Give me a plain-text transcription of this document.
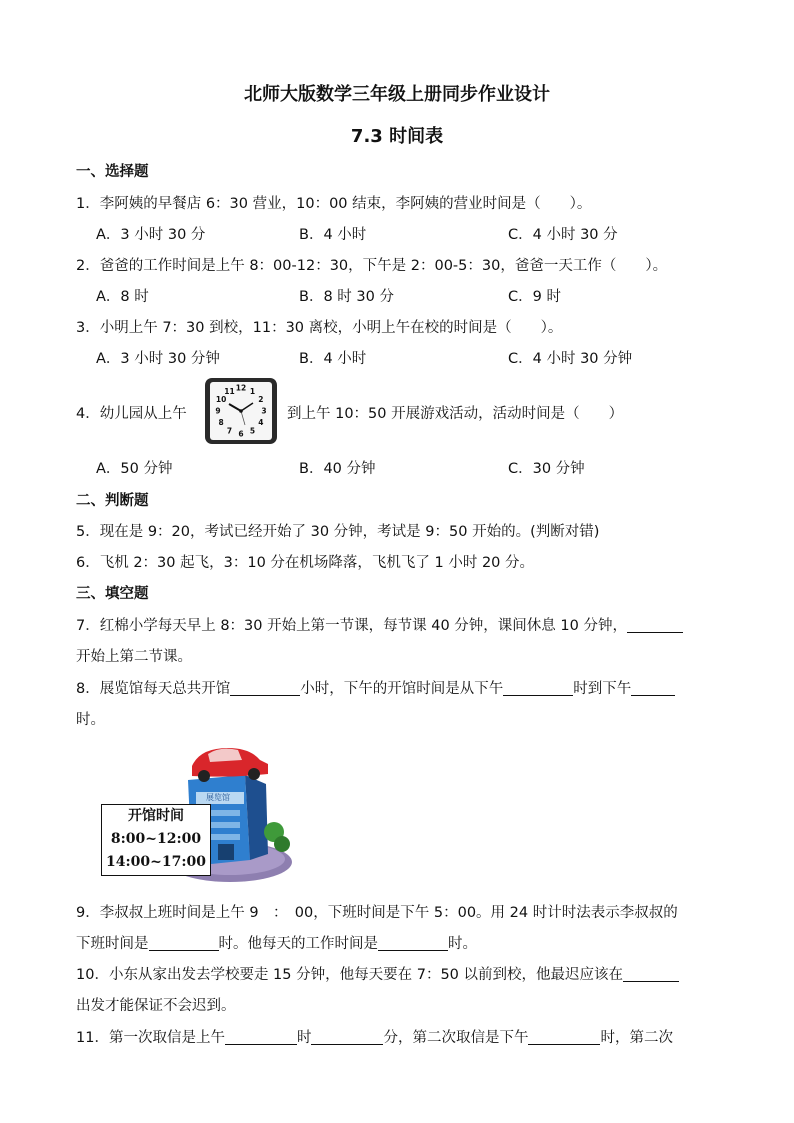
北师大版数学三年级上册同步作业设计
7.3 时间表
一、选择题
1．李阿姨的早餐店 6：30 营业，10：00 结束，李阿姨的营业时间是（　　）。
A．3 小时 30 分	B．4 小时	C．4 小时 30 分
2．爸爸的工作时间是上午 8：00-12：30，下午是 2：00-5：30，爸爸一天工作（　　）。
A．8 时	B．8 时 30 分	C．9 时
3．小明上午 7：30 到校，11：30 离校，小明上午在校的时间是（　　）。
A．3 小时 30 分钟	B．4 小时	C．4 小时 30 分钟
4．幼儿园从上午
12 1
2
3
4
5
6
7
8
9
10
11
到上午 10：50 开展游戏活动，活动时间是（　　）
A．50 分钟	B．40 分钟	C．30 分钟
二、判断题
5．现在是 9：20，考试已经开始了 30 分钟，考试是 9：50 开始的。(判断对错)
6．飞机 2：30 起飞，3：10 分在机场降落，飞机飞了 1 小时 20 分。
三、填空题
7．红棉小学每天早上 8：30 开始上第一节课，每节课 40 分钟，课间休息 10 分钟，
开始上第二节课。
8．展览馆每天总共开馆	小时，下午的开馆时间是从下午	时到下午
时。
展览馆
开馆时间
8:00~12:00
14:00~17:00
9．李叔叔上班时间是上午 9　：　00，下班时间是下午 5：00。用 24 时计时法表示李叔叔的
下班时间是	时。他每天的工作时间是	时。
10．小东从家出发去学校要走 15 分钟，他每天要在 7：50 以前到校，他最迟应该在
出发才能保证不会迟到。
11．第一次取信是上午	时	分，第二次取信是下午	时，第二次
